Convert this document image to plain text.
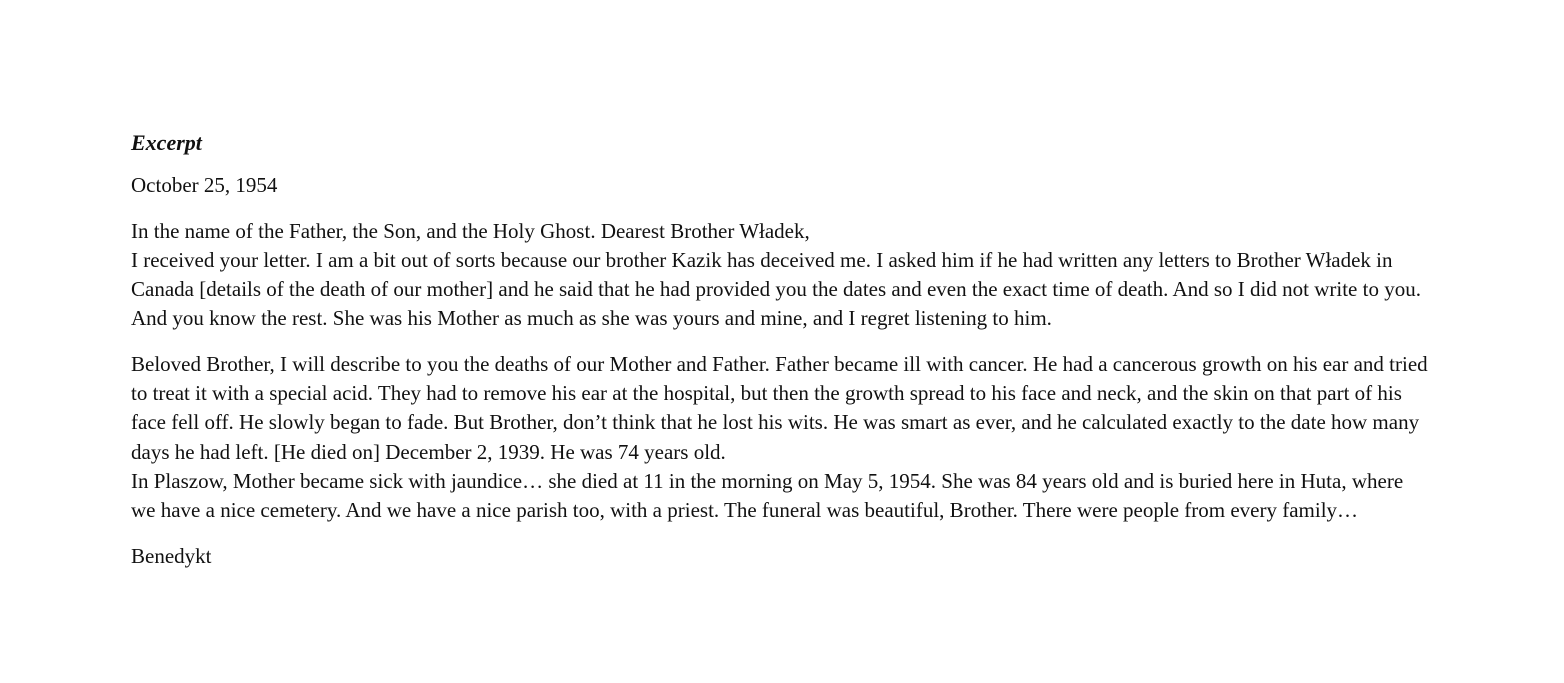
Excerpt
October 25, 1954
In the name of the Father, the Son, and the Holy Ghost. Dearest Brother Władek,
I received your letter. I am a bit out of sorts because our brother Kazik has deceived me. I asked him if he had written any letters to Brother Władek in Canada [details of the death of our mother] and he said that he had provided you the dates and even the exact time of death. And so I did not write to you. And you know the rest. She was his Mother as much as she was yours and mine, and I regret listening to him.
Beloved Brother, I will describe to you the deaths of our Mother and Father. Father became ill with cancer. He had a cancerous growth on his ear and tried to treat it with a special acid. They had to remove his ear at the hospital, but then the growth spread to his face and neck, and the skin on that part of his face fell off. He slowly began to fade. But Brother, don’t think that he lost his wits. He was smart as ever, and he calculated exactly to the date how many days he had left. [He died on] December 2, 1939. He was 74 years old.
In Plaszow, Mother became sick with jaundice… she died at 11 in the morning on May 5, 1954. She was 84 years old and is buried here in Huta, where we have a nice cemetery. And we have a nice parish too, with a priest. The funeral was beautiful, Brother. There were people from every family…
Benedykt
